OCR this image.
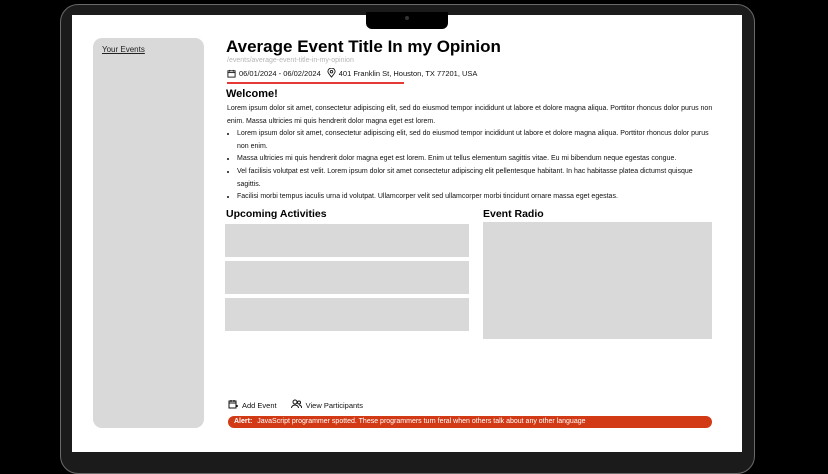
Your Events	Average Event Title In my Opinion
/events/average-event-title-in-my-opinion
06/01/2024 - 06/02/2024 401 Franklin St, Houston, TX 77201, USA
Welcome!

Lorem ipsum dolor sit amet, consectetur adipiscing elit, sed do eiusmod tempor incididunt ut labore et dolore magna aliqua. Porttitor rhoncus dolor purus non enim. Massa ultricies mi quis hendrerit dolor magna eget est lorem.

• Lorem ipsum dolor sit amet, consectetur adipiscing elit, sed do eiusmod tempor incididunt ut labore et dolore magna aliqua. Porttitor rhoncus dolor purus non enim.
• Massa ultricies mi quis hendrerit dolor magna eget est lorem. Enim ut tellus elementum sagittis vitae. Eu mi bibendum neque egestas congue.
• Vel facilisis volutpat est velit. Lorem ipsum dolor sit amet consectetur adipiscing elit pellentesque habitant. In hac habitasse platea dictumst quisque sagittis.
• Facilisi morbi tempus iaculis urna id volutpat. Ullamcorper velit sed ullamcorper morbi tincidunt ornare massa eget egestas.
Upcoming Activities	Event Radio
Add Event	View Participants
Alert: JavaScript programmer spotted. These programmers turn feral when others talk about any other language
